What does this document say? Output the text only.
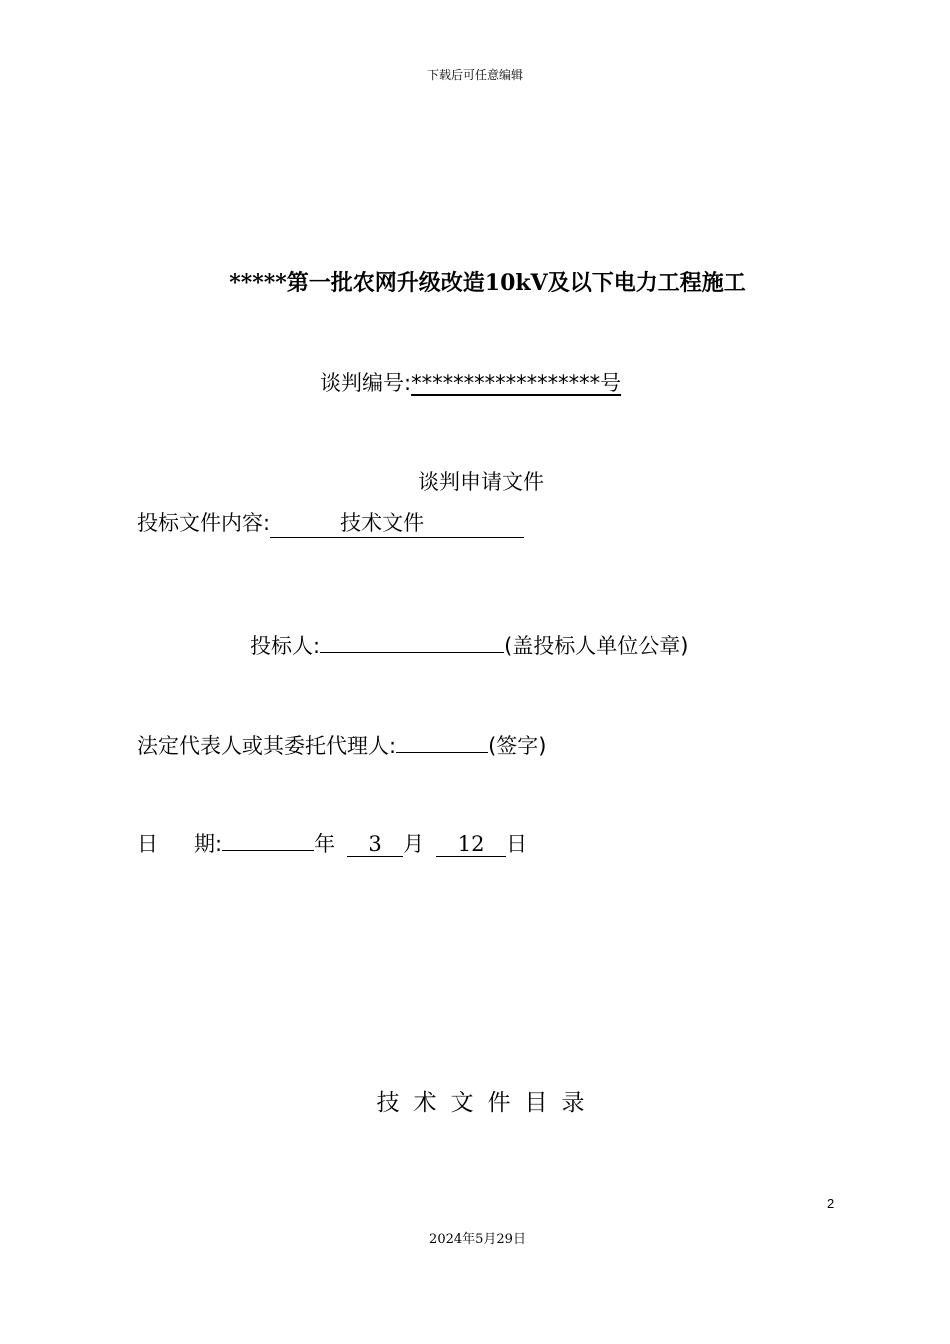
下载后可任意编辑
*****第一批农网升级改造10kV及以下电力工程施工
谈判编号:******************号
谈判申请文件
投标文件内容:	技术文件
投标人:	(盖投标人单位公章)
法定代表人或其委托代理人:	(签字)
日 期:	年 3 月 12 日
技术文件目录
2
2024年5月29日
